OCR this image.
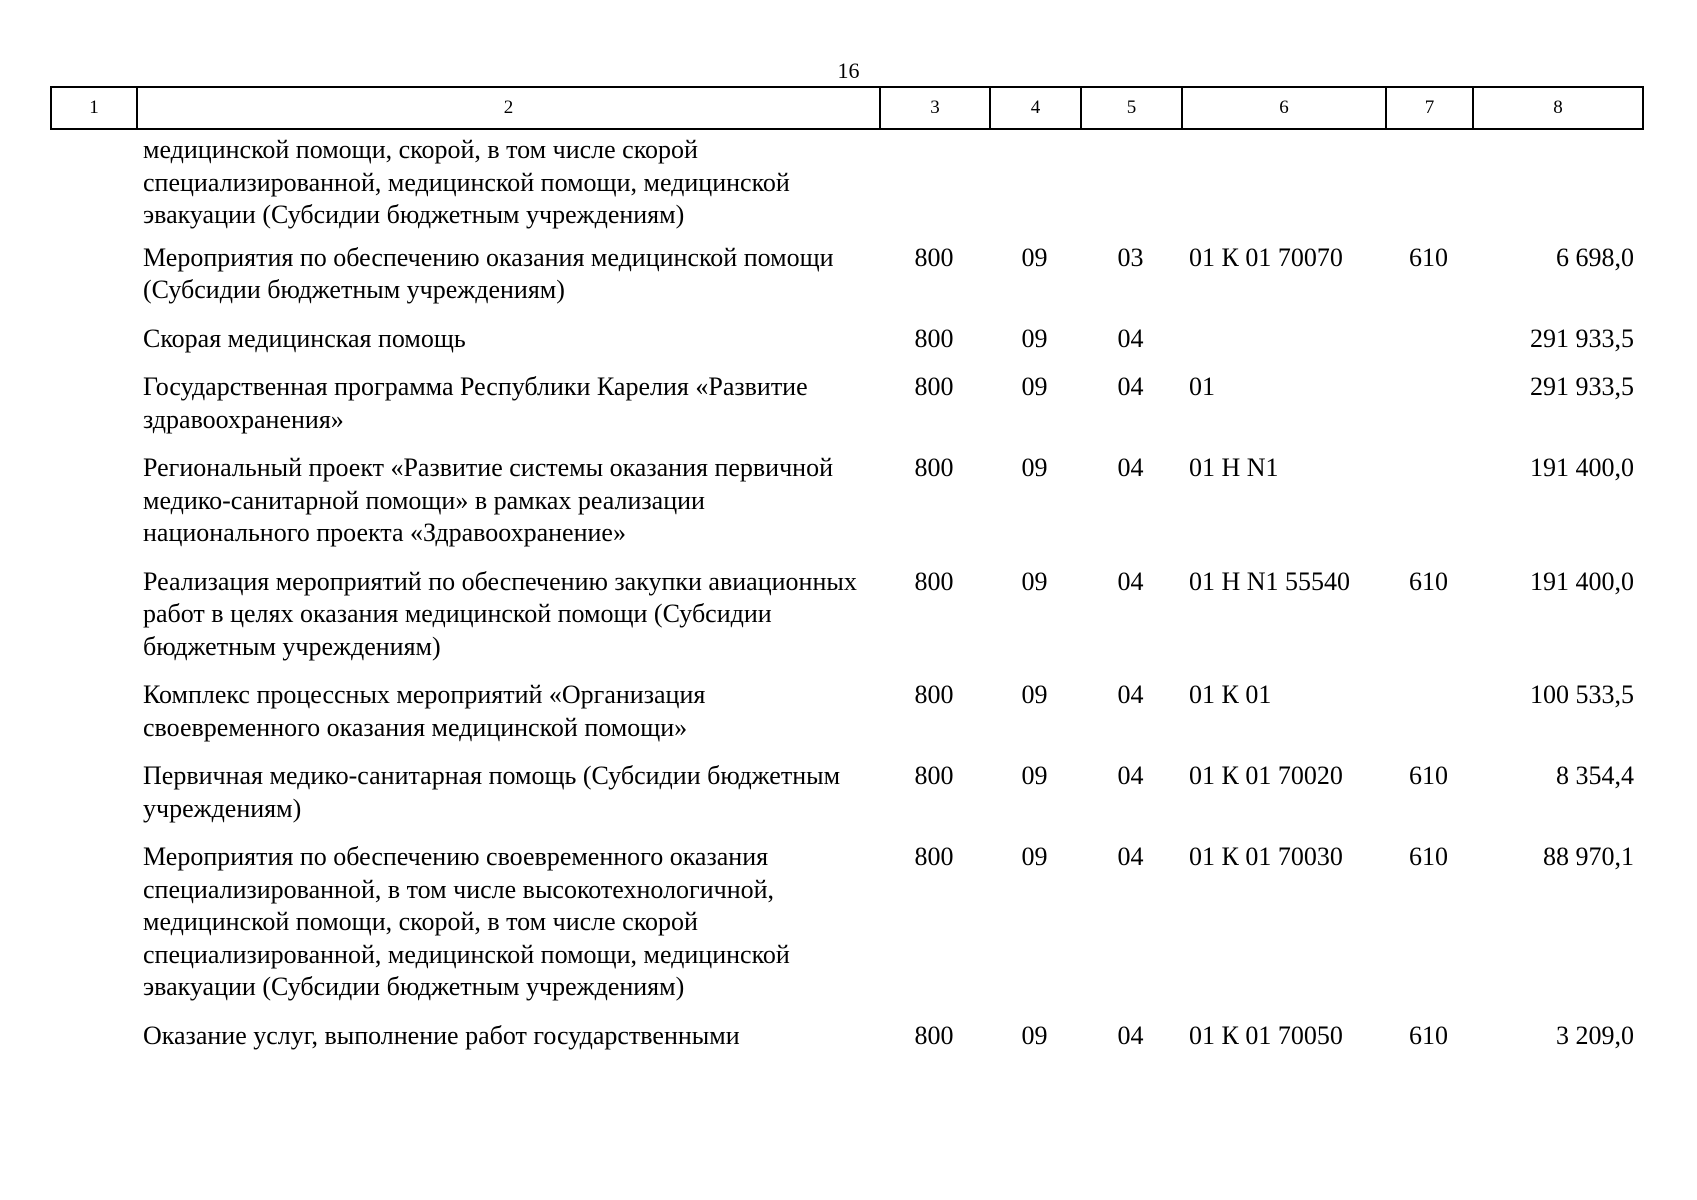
16
1	2	3	4	5	6	7	8
медицинской помощи, скорой, в том числе скорой специализированной, медицинской помощи, медицинской эвакуации (Субсидии бюджетным учреждениям)						
Мероприятия по обеспечению оказания медицинской помощи (Субсидии бюджетным учреждениям)	800	09	03	01 К 01 70070	610	6 698,0
Скорая медицинская помощь	800	09	04			291 933,5
Государственная программа Республики Карелия «Развитие здравоохранения»	800	09	04	01		291 933,5
Региональный проект «Развитие системы оказания первичной медико-санитарной помощи» в рамках реализации национального проекта «Здравоохранение»	800	09	04	01 Н N1		191 400,0
Реализация мероприятий по обеспечению закупки авиационных работ в целях оказания медицинской помощи (Субсидии бюджетным учреждениям)	800	09	04	01 Н N1 55540	610	191 400,0
Комплекс процессных мероприятий «Организация своевременного оказания медицинской помощи»	800	09	04	01 К 01		100 533,5
Первичная медико-санитарная помощь (Субсидии бюджетным учреждениям)	800	09	04	01 К 01 70020	610	8 354,4
Мероприятия по обеспечению своевременного оказания специализированной, в том числе высокотехнологичной, медицинской помощи, скорой, в том числе скорой специализированной, медицинской помощи, медицинской эвакуации (Субсидии бюджетным учреждениям)	800	09	04	01 К 01 70030	610	88 970,1
Оказание услуг, выполнение работ государственными	800	09	04	01 К 01 70050	610	3 209,0
